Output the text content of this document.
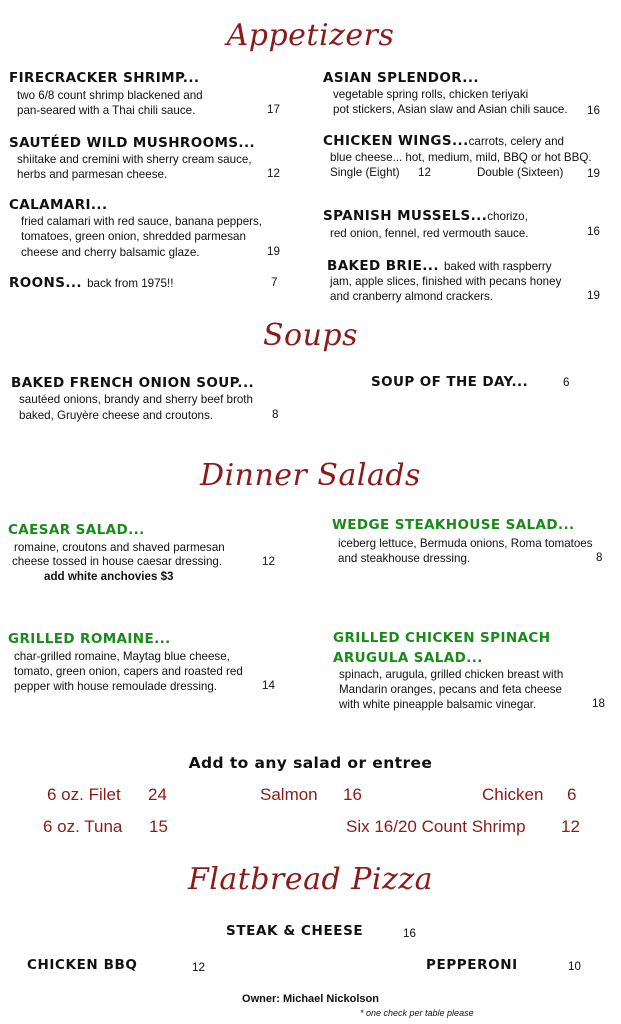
Appetizers
FIRECRACKER SHRIMP...
two 6/8 count shrimp blackened and
pan-seared with a Thai chili sauce.	17
SAUTÉED WILD MUSHROOMS...
shiitake and cremini with sherry cream sauce,
herbs and parmesan cheese.	12
CALAMARI...
fried calamari with red sauce, banana peppers,
tomatoes, green onion, shredded parmesan
cheese and cherry balsamic glaze.	19
ROONS... back from 1975!!	7
ASIAN SPLENDOR...
vegetable spring rolls, chicken teriyaki
pot stickers, Asian slaw and Asian chili sauce. 16
CHICKEN WINGS...carrots, celery and
blue cheese... hot, medium, mild, BBQ or hot BBQ.
Single (Eight) 12	Double (Sixteen) 19
SPANISH MUSSELS...chorizo,
red onion, fennel, red vermouth sauce.	16
BAKED BRIE... baked with raspberry
jam, apple slices, finished with pecans honey
and cranberry almond crackers.	19
Soups
BAKED FRENCH ONION SOUP...
sautéed onions, brandy and sherry beef broth
baked, Gruyère cheese and croutons.	8
SOUP OF THE DAY...	6
Dinner Salads
CAESAR SALAD...
romaine, croutons and shaved parmesan
cheese tossed in house caesar dressing.	12
add white anchovies $3
WEDGE STEAKHOUSE SALAD...
iceberg lettuce, Bermuda onions, Roma tomatoes
and steakhouse dressing.	8
GRILLED ROMAINE...
char-grilled romaine, Maytag blue cheese,
tomato, green onion, capers and roasted red
pepper with house remoulade dressing.	14
GRILLED CHICKEN SPINACH
ARUGULA SALAD...
spinach, arugula, grilled chicken breast with
Mandarin oranges, pecans and feta cheese
with white pineapple balsamic vinegar.	18
Add to any salad or entree
6 oz. Filet 24	Salmon 16	Chicken 6
6 oz. Tuna 15	Six 16/20 Count Shrimp 12
Flatbread Pizza
STEAK & CHEESE	16
CHICKEN BBQ	12	PEPPERONI	10
Owner: Michael Nickolson
* one check per table please
